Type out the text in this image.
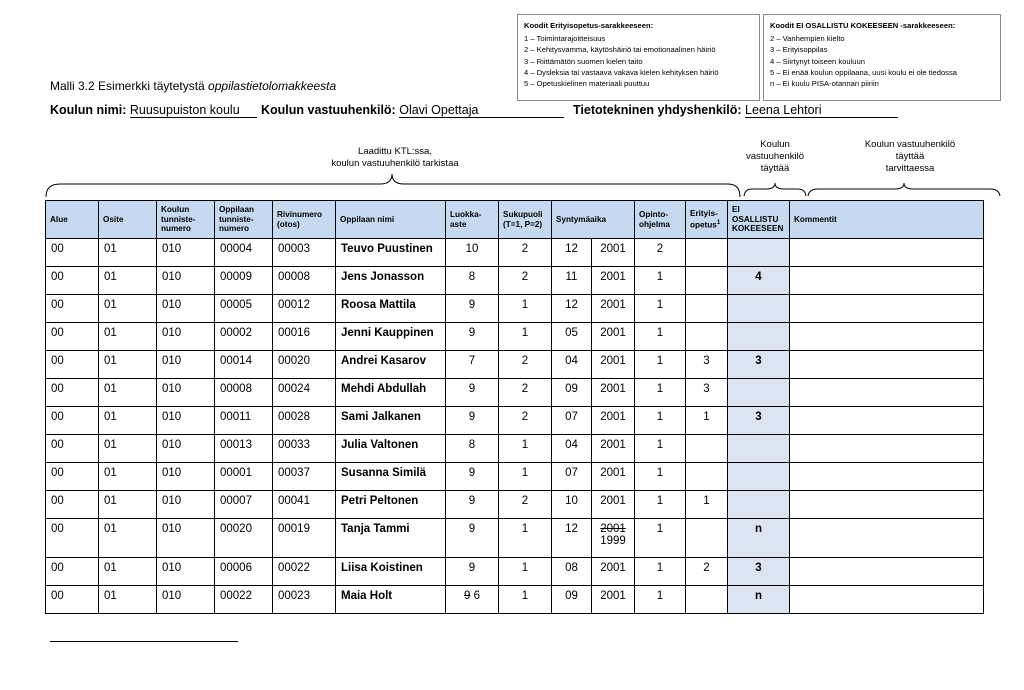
Koodit Erityisopetus-sarakkeeseen:
1 – Toimintarajoitteisuus
2 – Kehitysvamma, käytöshäiriö tai emotionaalinen häiriö
3 – Riittämätön suomen kielen taito
4 – Dysleksia tai vastaava vakava kielen kehityksen häiriö
5 – Opetuskielinen materiaali puuttuu
Koodit EI OSALLISTU KOKEESEEN -sarakkeeseen:
2 – Vanhempien kielto
3 – Erityisoppilas
4 – Siirtynyt toiseen kouluun
5 – Ei enää koulun oppilaana, uusi koulu ei ole tiedossa
n – Ei kuulu PISA-otannan piiriin
Malli 3.2 Esimerkki täytetystä oppilastietolomakkeesta
Koulun nimi: Ruusupuiston koulu	Koulun vastuuhenkilö: Olavi Opettaja	Tietotekninen yhdyshenkilö: Leena Lehtori
Laadittu KTL:ssa,
koulun vastuuhenkilö tarkistaa
Koulun
vastuuhenkilö
täyttää
Koulun vastuuhenkilö
täyttää
tarvittaessa
Alue	Osite	Koulun
tunniste-
numero	Oppilaan
tunniste-
numero	Rivinumero
(otos)	Oppilaan nimi	Luokka-
aste	Sukupuoli
(T=1, P=2)	Syntymäaika		Opinto-
ohjelma	Erityis-
opetus$^1$	EI
OSALLISTU
KOKEESEEN	Kommentit
00	01	010	00004	00003	Teuvo Puustinen	10	2	12	2001	2			
00	01	010	00009	00008	Jens Jonasson	8	2	11	2001	1		4	
00	01	010	00005	00012	Roosa Mattila	9	1	12	2001	1			
00	01	010	00002	00016	Jenni Kauppinen	9	1	05	2001	1			
00	01	010	00014	00020	Andrei Kasarov	7	2	04	2001	1	3	3	
00	01	010	00008	00024	Mehdi Abdullah	9	2	09	2001	1	3		
00	01	010	00011	00028	Sami Jalkanen	9	2	07	2001	1	1	3	
00	01	010	00013	00033	Julia Valtonen	8	1	04	2001	1			
00	01	010	00001	00037	Susanna Similä	9	1	07	2001	1			
00	01	010	00007	00041	Petri Peltonen	9	2	10	2001	1	1		
00	01	010	00020	00019	Tanja Tammi	9	1	12	2001
1999	1		n	
00	01	010	00006	00022	Liisa Koistinen	9	1	08	2001	1	2	3	
00	01	010	00022	00023	Maia Holt	9 6	1	09	2001	1		n	
